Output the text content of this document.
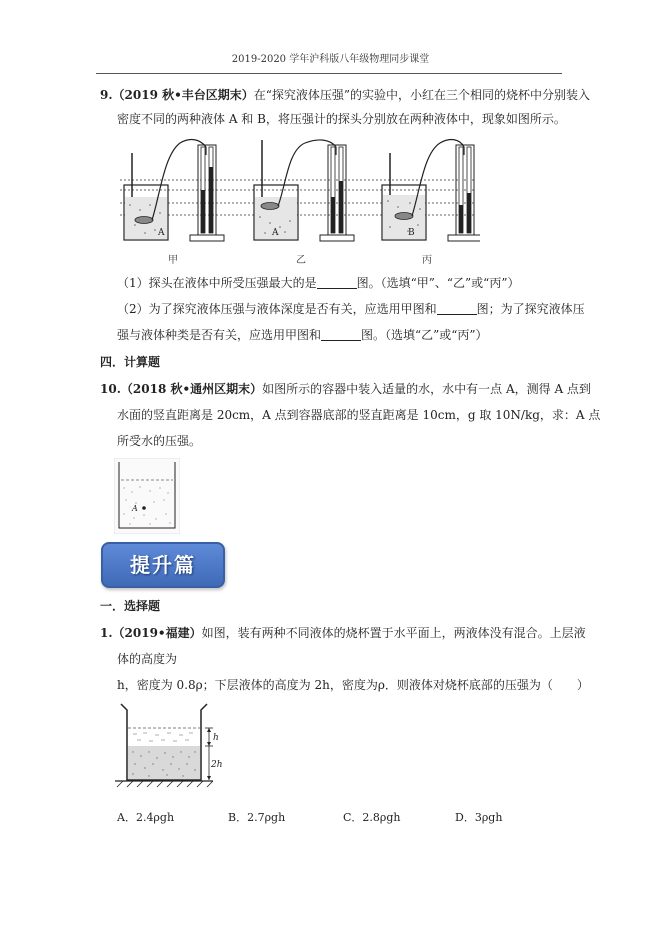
2019-2020 学年沪科版八年级物理同步课堂
9.（2019 秋•丰台区期末）在“探究液体压强”的实验中，小红在三个相同的烧杯中分别装入
密度不同的两种液体 A 和 B，将压强计的探头分别放在两种液体中，现象如图所示。
A	A	B
甲	乙	丙
（1）探头在液体中所受压强最大的是	图。（选填“甲”、“乙”或“丙”）
（2）为了探究液体压强与液体深度是否有关，应选用甲图和	图；为了探究液体压
强与液体种类是否有关，应选用甲图和	图。（选填“乙”或“丙”）
四．计算题
10.（2018 秋•通州区期末）如图所示的容器中装入适量的水，水中有一点 A，测得 A 点到
水面的竖直距离是 20cm，A 点到容器底部的竖直距离是 10cm，g 取 10N/kg，求：A 点
所受水的压强。
A
提升篇
一．选择题
1.（2019•福建）如图，装有两种不同液体的烧杯置于水平面上，两液体没有混合。上层液
体的高度为
h，密度为 0.8ρ；下层液体的高度为 2h，密度为ρ．则液体对烧杯底部的压强为（　　）
h
2h
A．2.4ρgh	B．2.7ρgh	C．2.8ρgh	D．3ρgh
